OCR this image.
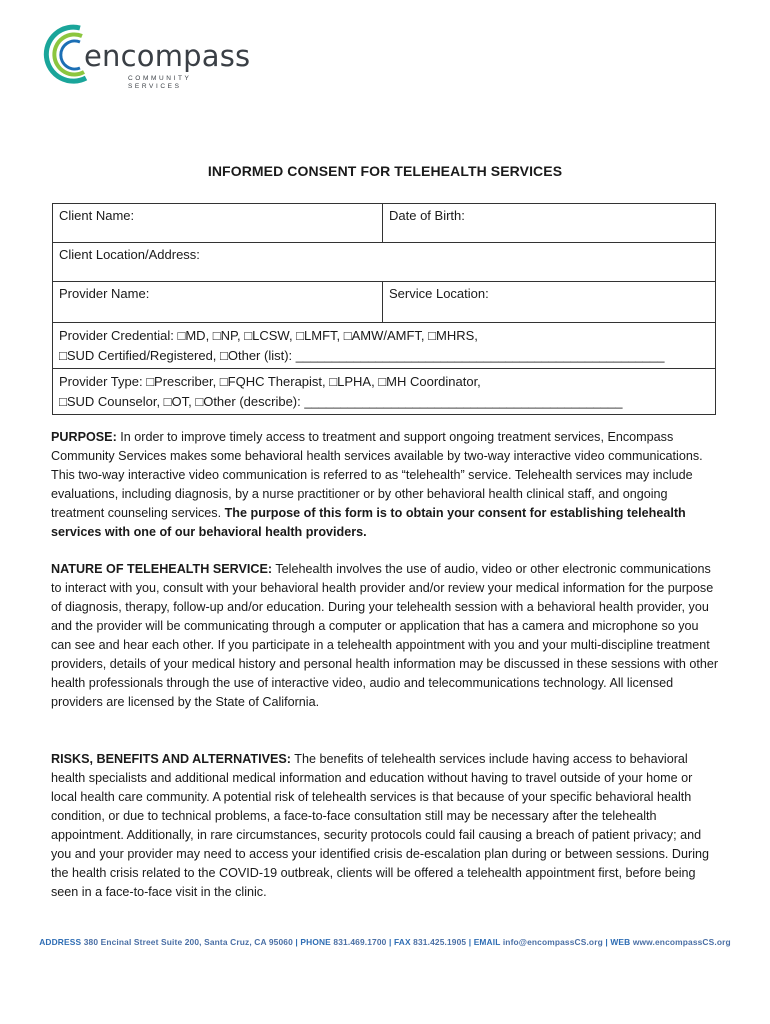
encompass
COMMUNITY SERVICES
INFORMED CONSENT FOR TELEHEALTH SERVICES
Client Name:	Date of Birth:
Client Location/Address:
Provider Name:	Service Location:
Provider Credential: □MD, □NP, □LCSW, □LMFT, □AMW/AMFT, □MHRS,
□SUD Certified/Registered, □Other (list): ___________________________________________________
Provider Type: □Prescriber, □FQHC Therapist, □LPHA, □MH Coordinator,
□SUD Counselor, □OT, □Other (describe): ____________________________________________

PURPOSE: In order to improve timely access to treatment and support ongoing treatment services, Encompass Community Services makes some behavioral health services available by two-way interactive video communications. This two-way interactive video communication is referred to as “telehealth” service. Telehealth services may include evaluations, including diagnosis, by a nurse practitioner or by other behavioral health clinical staff, and ongoing treatment counseling services. The purpose of this form is to obtain your consent for establishing telehealth services with one of our behavioral health providers.

NATURE OF TELEHEALTH SERVICE: Telehealth involves the use of audio, video or other electronic communications to interact with you, consult with your behavioral health provider and/or review your medical information for the purpose of diagnosis, therapy, follow-up and/or education. During your telehealth session with a behavioral health provider, you and the provider will be communicating through a computer or application that has a camera and microphone so you can see and hear each other. If you participate in a telehealth appointment with you and your multi-discipline treatment providers, details of your medical history and personal health information may be discussed in these sessions with other health professionals through the use of interactive video, audio and telecommunications technology. All licensed providers are licensed by the State of California.

RISKS, BENEFITS AND ALTERNATIVES: The benefits of telehealth services include having access to behavioral health specialists and additional medical information and education without having to travel outside of your home or local health care community. A potential risk of telehealth services is that because of your specific behavioral health condition, or due to technical problems, a face-to-face consultation still may be necessary after the telehealth appointment. Additionally, in rare circumstances, security protocols could fail causing a breach of patient privacy; and you and your provider may need to access your identified crisis de-escalation plan during or between sessions. During the health crisis related to the COVID-19 outbreak, clients will be offered a telehealth appointment first, before being seen in a face-to-face visit in the clinic.

ADDRESS 380 Encinal Street Suite 200, Santa Cruz, CA 95060 | PHONE 831.469.1700 | FAX 831.425.1905 | EMAIL info@encompassCS.org | WEB www.encompassCS.org
